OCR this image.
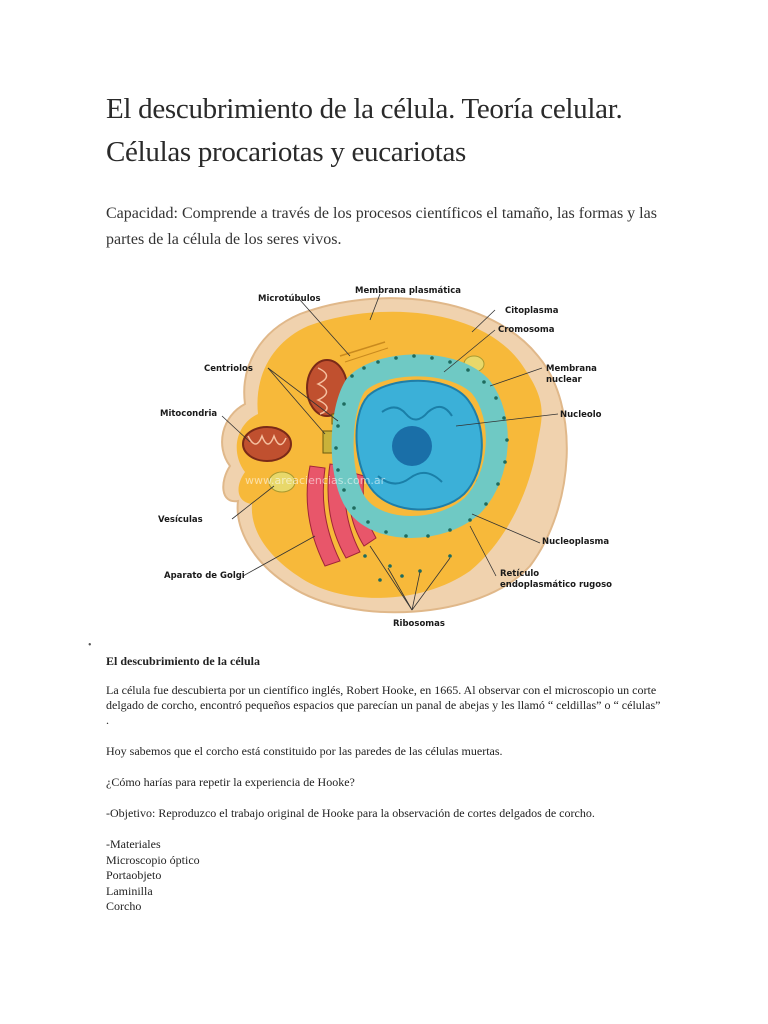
El descubrimiento de la célula. Teoría celular.
Células procariotas y eucariotas

Capacidad: Comprende a través de los procesos científicos el tamaño, las formas y las partes de la célula de los seres vivos.

www.areaciencias.com.ar
Microtúbulos
Membrana plasmática
Citoplasma
Cromosoma
Membrana
nuclear
Centriolos
Nucleolo
Mitocondria
Vesículas
Nucleoplasma
Aparato de Golgi	Retículo
endoplasmático rugoso
Ribosomas
•
El descubrimiento de la célula

La célula fue descubierta por un científico inglés, Robert Hooke, en 1665. Al observar con el microscopio un corte delgado de corcho, encontró pequeños espacios que parecían un panal de abejas y les llamó “ celdillas” o “ células” .

Hoy sabemos que el corcho está constituido por las paredes de las células muertas.

¿Cómo harías para repetir la experiencia de Hooke?

-Objetivo: Reproduzco el trabajo original de Hooke para la observación de cortes delgados de corcho.

-Materiales
Microscopio óptico
Portaobjeto
Laminilla
Corcho
